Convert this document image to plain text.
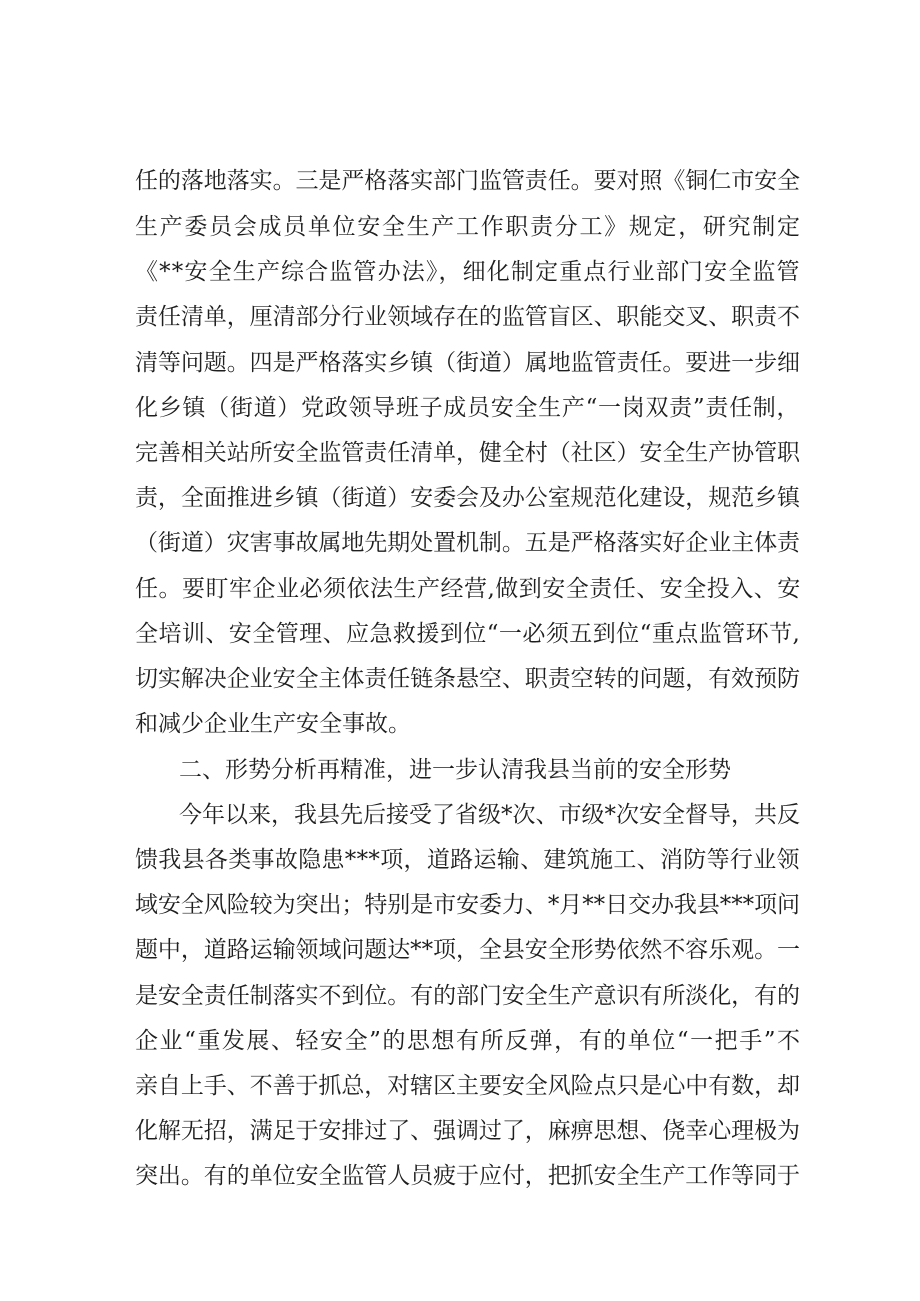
任的落地落实。三是严格落实部门监管责任。要对照《铜仁市安全
生产委员会成员单位安全生产工作职责分工》规定，研究制定
《**安全生产综合监管办法》，细化制定重点行业部门安全监管
责任清单，厘清部分行业领域存在的监管盲区、职能交叉、职责不
清等问题。四是严格落实乡镇（街道）属地监管责任。要进一步细
化乡镇（街道）党政领导班子成员安全生产“一岗双责”责任制，
完善相关站所安全监管责任清单，健全村（社区）安全生产协管职
责，全面推进乡镇（街道）安委会及办公室规范化建设，规范乡镇
（街道）灾害事故属地先期处置机制。五是严格落实好企业主体责
任。要盯牢企业必须依法生产经营,做到安全责任、安全投入、安
全培训、安全管理、应急救援到位“一必须五到位“重点监管环节,
切实解决企业安全主体责任链条悬空、职责空转的问题，有效预防
和减少企业生产安全事故。
二、形势分析再精准，进一步认清我县当前的安全形势
今年以来，我县先后接受了省级*次、市级*次安全督导，共反
馈我县各类事故隐患***项，道路运输、建筑施工、消防等行业领
域安全风险较为突出；特别是市安委力、*月**日交办我县***项问
题中，道路运输领域问题达**项，全县安全形势依然不容乐观。一
是安全责任制落实不到位。有的部门安全生产意识有所淡化，有的
企业“重发展、轻安全”的思想有所反弹，有的单位“一把手”不
亲自上手、不善于抓总，对辖区主要安全风险点只是心中有数，却
化解无招，满足于安排过了、强调过了，麻痹思想、侥幸心理极为
突出。有的单位安全监管人员疲于应付，把抓安全生产工作等同于
